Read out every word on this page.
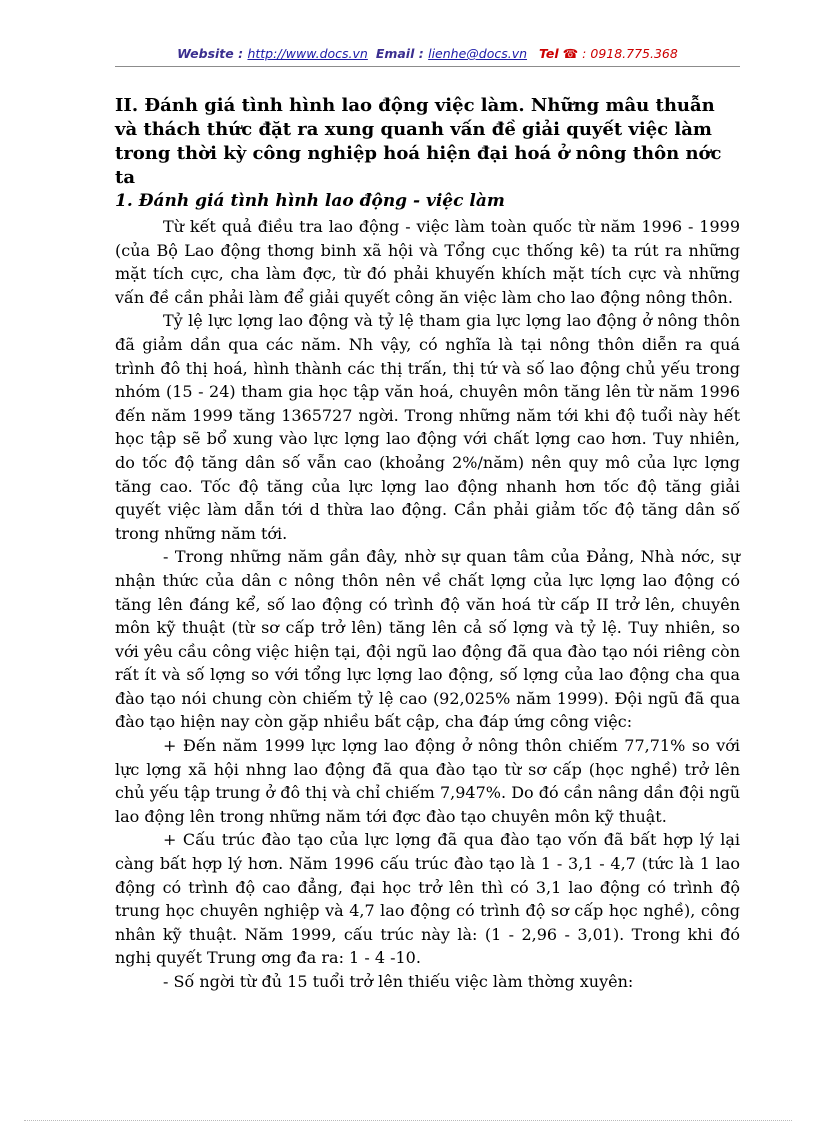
Website : http://www.docs.vn Email : lienhe@docs.vn Tel ☎ : 0918.775.368

II. Đánh giá tình hình lao động việc làm. Những mâu thuẫn và thách thức đặt ra xung quanh vấn đề giải quyết việc làm trong thời kỳ công nghiệp hoá hiện đại hoá ở nông thôn nớc ta

1. Đánh giá tình hình lao động - việc làm

Từ kết quả điều tra lao động - việc làm toàn quốc từ năm 1996 - 1999 (của Bộ Lao động thơng binh xã hội và Tổng cục thống kê) ta rút ra những mặt tích cực, cha làm đợc, từ đó phải khuyến khích mặt tích cực và những vấn đề cần phải làm để giải quyết công ăn việc làm cho lao động nông thôn.

Tỷ lệ lực lợng lao động và tỷ lệ tham gia lực lợng lao động ở nông thôn đã giảm dần qua các năm. Nh vậy, có nghĩa là tại nông thôn diễn ra quá trình đô thị hoá, hình thành các thị trấn, thị tứ và số lao động chủ yếu trong nhóm (15 - 24) tham gia học tập văn hoá, chuyên môn tăng lên từ năm 1996 đến năm 1999 tăng 1365727 ngời. Trong những năm tới khi độ tuổi này hết học tập sẽ bổ xung vào lực lợng lao động với chất lợng cao hơn. Tuy nhiên, do tốc độ tăng dân số vẫn cao (khoảng 2%/năm) nên quy mô của lực lợng tăng cao. Tốc độ tăng của lực lợng lao động nhanh hơn tốc độ tăng giải quyết việc làm dẫn tới d thừa lao động. Cần phải giảm tốc độ tăng dân số trong những năm tới.

- Trong những năm gần đây, nhờ sự quan tâm của Đảng, Nhà nớc, sự nhận thức của dân c nông thôn nên về chất lợng của lực lợng lao động có tăng lên đáng kể, số lao động có trình độ văn hoá từ cấp II trở lên, chuyên môn kỹ thuật (từ sơ cấp trở lên) tăng lên cả số lợng và tỷ lệ. Tuy nhiên, so với yêu cầu công việc hiện tại, đội ngũ lao động đã qua đào tạo nói riêng còn rất ít và số lợng so với tổng lực lợng lao động, số lợng của lao động cha qua đào tạo nói chung còn chiếm tỷ lệ cao (92,025% năm 1999). Đội ngũ đã qua đào tạo hiện nay còn gặp nhiều bất cập, cha đáp ứng công việc:

+ Đến năm 1999 lực lợng lao động ở nông thôn chiếm 77,71% so với lực lợng xã hội nhng lao động đã qua đào tạo từ sơ cấp (học nghề) trở lên chủ yếu tập trung ở đô thị và chỉ chiếm 7,947%. Do đó cần nâng dần đội ngũ lao động lên trong những năm tới đợc đào tạo chuyên môn kỹ thuật.

+ Cấu trúc đào tạo của lực lợng đã qua đào tạo vốn đã bất hợp lý lại càng bất hợp lý hơn. Năm 1996 cấu trúc đào tạo là 1 - 3,1 - 4,7 (tức là 1 lao động có trình độ cao đẳng, đại học trở lên thì có 3,1 lao động có trình độ trung học chuyên nghiệp và 4,7 lao động có trình độ sơ cấp học nghề), công nhân kỹ thuật. Năm 1999, cấu trúc này là: (1 - 2,96 - 3,01). Trong khi đó nghị quyết Trung ơng đa ra: 1 - 4 -10.

- Số ngời từ đủ 15 tuổi trở lên thiếu việc làm thờng xuyên:
